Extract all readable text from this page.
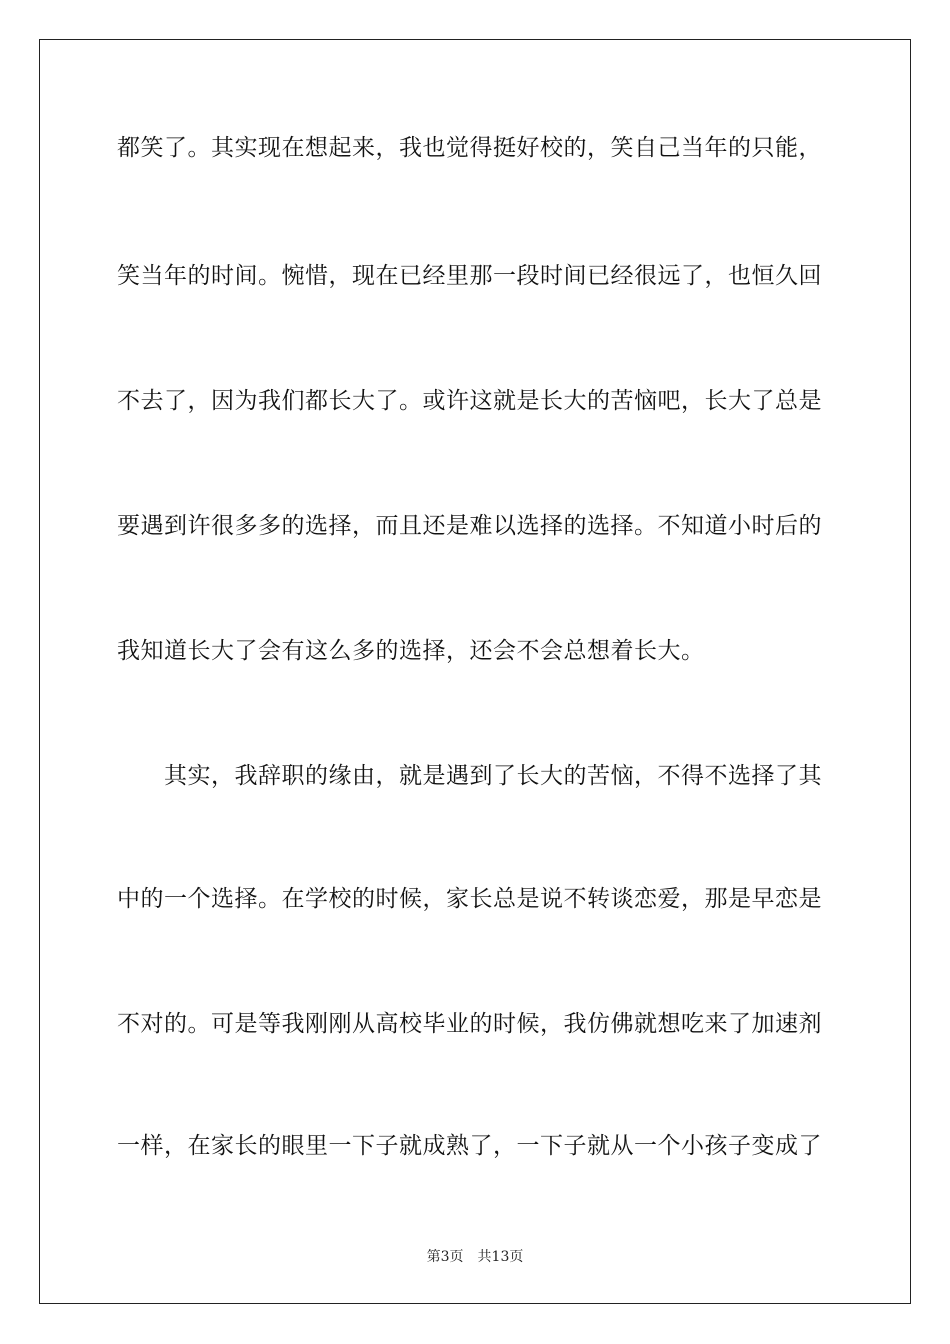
都笑了。其实现在想起来，我也觉得挺好校的，笑自己当年的只能，
笑当年的时间。惋惜，现在已经里那一段时间已经很远了，也恒久回
不去了，因为我们都长大了。或许这就是长大的苦恼吧，长大了总是
要遇到许很多多的选择，而且还是难以选择的选择。不知道小时后的
我知道长大了会有这么多的选择，还会不会总想着长大。
其实，我辞职的缘由，就是遇到了长大的苦恼，不得不选择了其
中的一个选择。在学校的时候，家长总是说不转谈恋爱，那是早恋是
不对的。可是等我刚刚从高校毕业的时候，我仿佛就想吃来了加速剂
一样，在家长的眼里一下子就成熟了，一下子就从一个小孩子变成了
第3页 共13页
